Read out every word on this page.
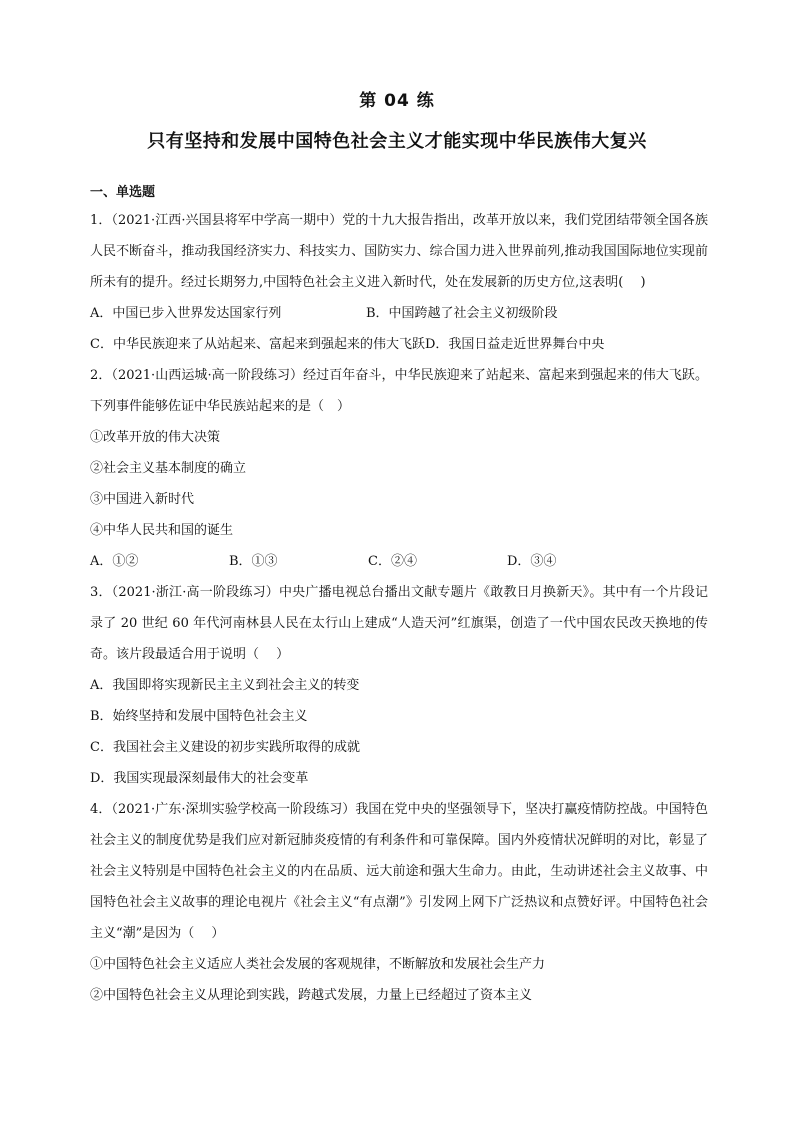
第 04 练
只有坚持和发展中国特色社会主义才能实现中华民族伟大复兴
一、单选题

1．（2021·江西·兴国县将军中学高一期中）党的十九大报告指出，改革开放以来，我们党团结带领全国各族人民不断奋斗，推动我国经济实力、科技实力、国防实力、综合国力进入世界前列,推动我国国际地位实现前所未有的提升。经过长期努力,中国特色社会主义进入新时代，处在发展新的历史方位,这表明(　 )

A．中国已步入世界发达国家行列	B．中国跨越了社会主义初级阶段
C．中华民族迎来了从站起来、富起来到强起来的伟大飞跃 D．我国日益走近世界舞台中央

2．（2021·山西运城·高一阶段练习）经过百年奋斗，中华民族迎来了站起来、富起来到强起来的伟大飞跃。下列事件能够佐证中华民族站起来的是（　）

①改革开放的伟大决策

②社会主义基本制度的确立

③中国进入新时代

④中华人民共和国的诞生

A．①②	B．①③	C．②④	D．③④

3．（2021·浙江·高一阶段练习）中央广播电视总台播出文献专题片《敢教日月换新天》。其中有一个片段记录了 20 世纪 60 年代河南林县人民在太行山上建成“人造天河”红旗渠，创造了一代中国农民改天换地的传奇。该片段最适合用于说明（　 ）

A．我国即将实现新民主主义到社会主义的转变

B．始终坚持和发展中国特色社会主义

C．我国社会主义建设的初步实践所取得的成就

D．我国实现最深刻最伟大的社会变革

4．（2021·广东·深圳实验学校高一阶段练习）我国在党中央的坚强领导下，坚决打赢疫情防控战。中国特色社会主义的制度优势是我们应对新冠肺炎疫情的有利条件和可靠保障。国内外疫情状况鲜明的对比，彰显了社会主义特别是中国特色社会主义的内在品质、远大前途和强大生命力。由此，生动讲述社会主义故事、中国特色社会主义故事的理论电视片《社会主义“有点潮”》引发网上网下广泛热议和点赞好评。中国特色社会主义“潮”是因为（　 ）

①中国特色社会主义适应人类社会发展的客观规律，不断解放和发展社会生产力

②中国特色社会主义从理论到实践，跨越式发展，力量上已经超过了资本主义
